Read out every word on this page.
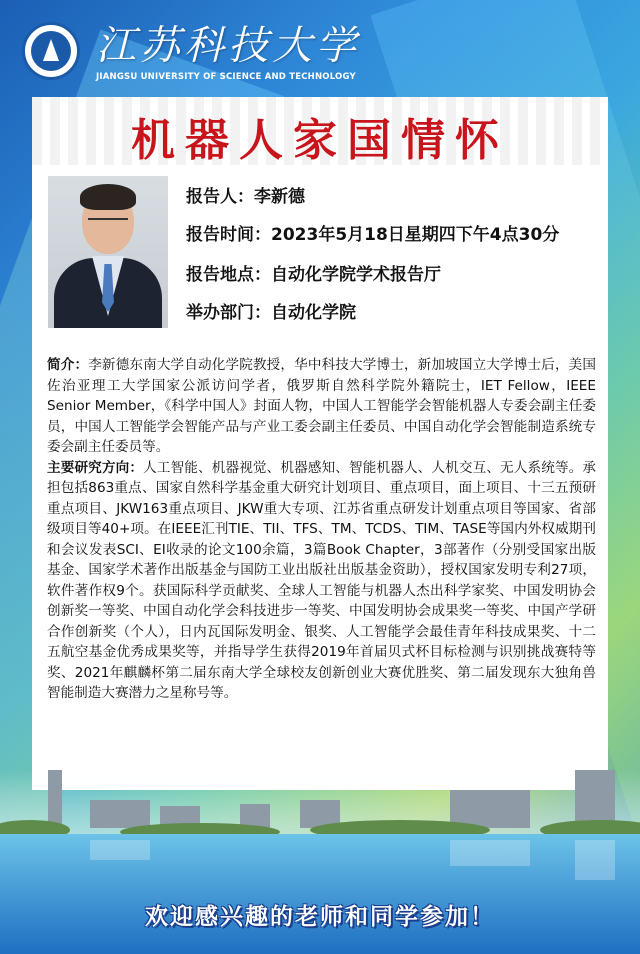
江苏科技大学
JIANGSU UNIVERSITY OF SCIENCE AND TECHNOLOGY
机器人家国情怀
报告人：李新德
报告时间：2023年5月18日星期四下午4点30分
报告地点：自动化学院学术报告厅
举办部门：自动化学院

简介：李新德东南大学自动化学院教授，华中科技大学博士，新加坡国立大学博士后，美国佐治亚理工大学国家公派访问学者，俄罗斯自然科学院外籍院士，IET Fellow，IEEE Senior Member，《科学中国人》封面人物，中国人工智能学会智能机器人专委会副主任委员，中国人工智能学会智能产品与产业工委会副主任委员、中国自动化学会智能制造系统专委会副主任委员等。

主要研究方向：人工智能、机器视觉、机器感知、智能机器人、人机交互、无人系统等。承担包括863重点、国家自然科学基金重大研究计划项目、重点项目，面上项目、十三五预研重点项目、JKW163重点项目、JKW重大专项、江苏省重点研发计划重点项目等国家、省部级项目等40+项。在IEEE汇刊TIE、TII、TFS、TM、TCDS、TIM、TASE等国内外权威期刊和会议发表SCI、EI收录的论文100余篇，3篇Book Chapter，3部著作（分别受国家出版基金、国家学术著作出版基金与国防工业出版社出版基金资助），授权国家发明专利27项，软件著作权9个。获国际科学贡献奖、全球人工智能与机器人杰出科学家奖、中国发明协会创新奖一等奖、中国自动化学会科技进步一等奖、中国发明协会成果奖一等奖、中国产学研合作创新奖（个人），日内瓦国际发明金、银奖、人工智能学会最佳青年科技成果奖、十二五航空基金优秀成果奖等，并指导学生获得2019年首届贝式杯目标检测与识别挑战赛特等奖、2021年麒麟杯第二届东南大学全球校友创新创业大赛优胜奖、第二届发现东大独角兽智能制造大赛潜力之星称号等。

欢迎感兴趣的老师和同学参加！
